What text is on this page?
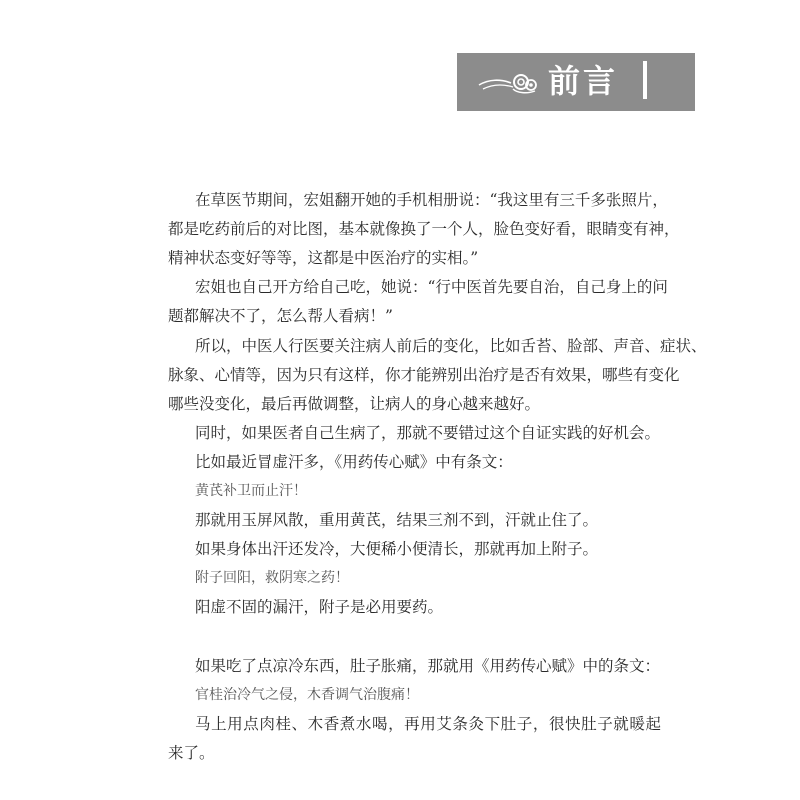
前言
在草医节期间，宏姐翻开她的手机相册说：“我这里有三千多张照片，
都是吃药前后的对比图，基本就像换了一个人，脸色变好看，眼睛变有神，
精神状态变好等等，这都是中医治疗的实相。”
宏姐也自己开方给自己吃，她说：“行中医首先要自治，自己身上的问
题都解决不了，怎么帮人看病！”
所以，中医人行医要关注病人前后的变化，比如舌苔、脸部、声音、症状、
脉象、心情等，因为只有这样，你才能辨别出治疗是否有效果，哪些有变化
哪些没变化，最后再做调整，让病人的身心越来越好。
同时，如果医者自己生病了，那就不要错过这个自证实践的好机会。
比如最近冒虚汗多，《用药传心赋》中有条文：
黄芪补卫而止汗！
那就用玉屏风散，重用黄芪，结果三剂不到，汗就止住了。
如果身体出汗还发冷，大便稀小便清长，那就再加上附子。
附子回阳，救阴寒之药！
阳虚不固的漏汗，附子是必用要药。
如果吃了点凉冷东西，肚子胀痛，那就用《用药传心赋》中的条文：
官桂治冷气之侵，木香调气治腹痛！
马上用点肉桂、木香煮水喝，再用艾条灸下肚子，很快肚子就暖起
来了。
